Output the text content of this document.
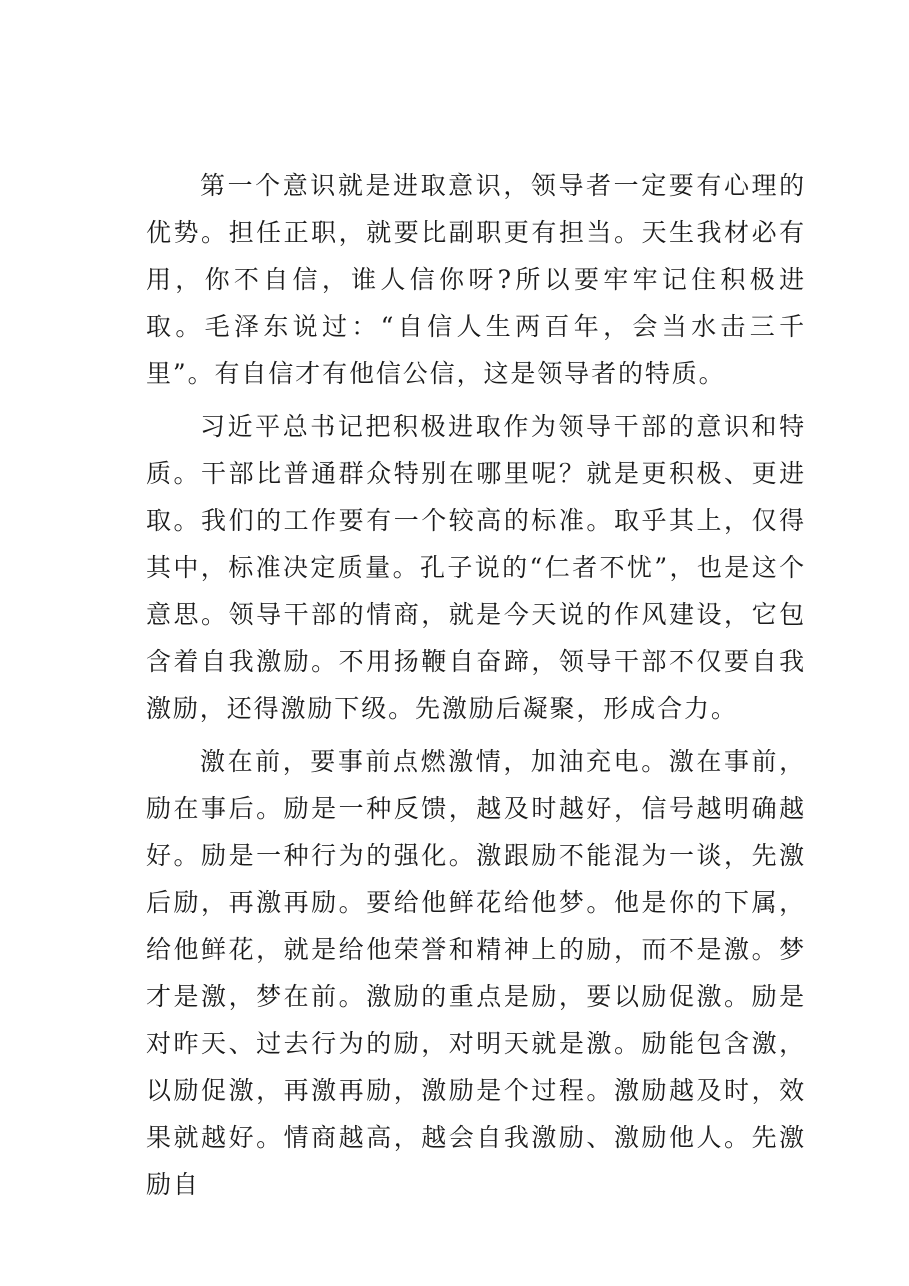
第一个意识就是进取意识，领导者一定要有心理的优势。担任正职，就要比副职更有担当。天生我材必有用，你不自信，谁人信你呀?所以要牢牢记住积极进取。毛泽东说过：“自信人生两百年，会当水击三千里”。有自信才有他信公信，这是领导者的特质。

习近平总书记把积极进取作为领导干部的意识和特质。干部比普通群众特别在哪里呢？就是更积极、更进取。我们的工作要有一个较高的标准。取乎其上，仅得其中，标准决定质量。孔子说的“仁者不忧”，也是这个意思。领导干部的情商，就是今天说的作风建设，它包含着自我激励。不用扬鞭自奋蹄，领导干部不仅要自我激励，还得激励下级。先激励后凝聚，形成合力。

激在前，要事前点燃激情，加油充电。激在事前，励在事后。励是一种反馈，越及时越好，信号越明确越好。励是一种行为的强化。激跟励不能混为一谈，先激后励，再激再励。要给他鲜花给他梦。他是你的下属，给他鲜花，就是给他荣誉和精神上的励，而不是激。梦才是激，梦在前。激励的重点是励，要以励促激。励是对昨天、过去行为的励，对明天就是激。励能包含激，以励促激，再激再励，激励是个过程。激励越及时，效果就越好。情商越高，越会自我激励、激励他人。先激励自
